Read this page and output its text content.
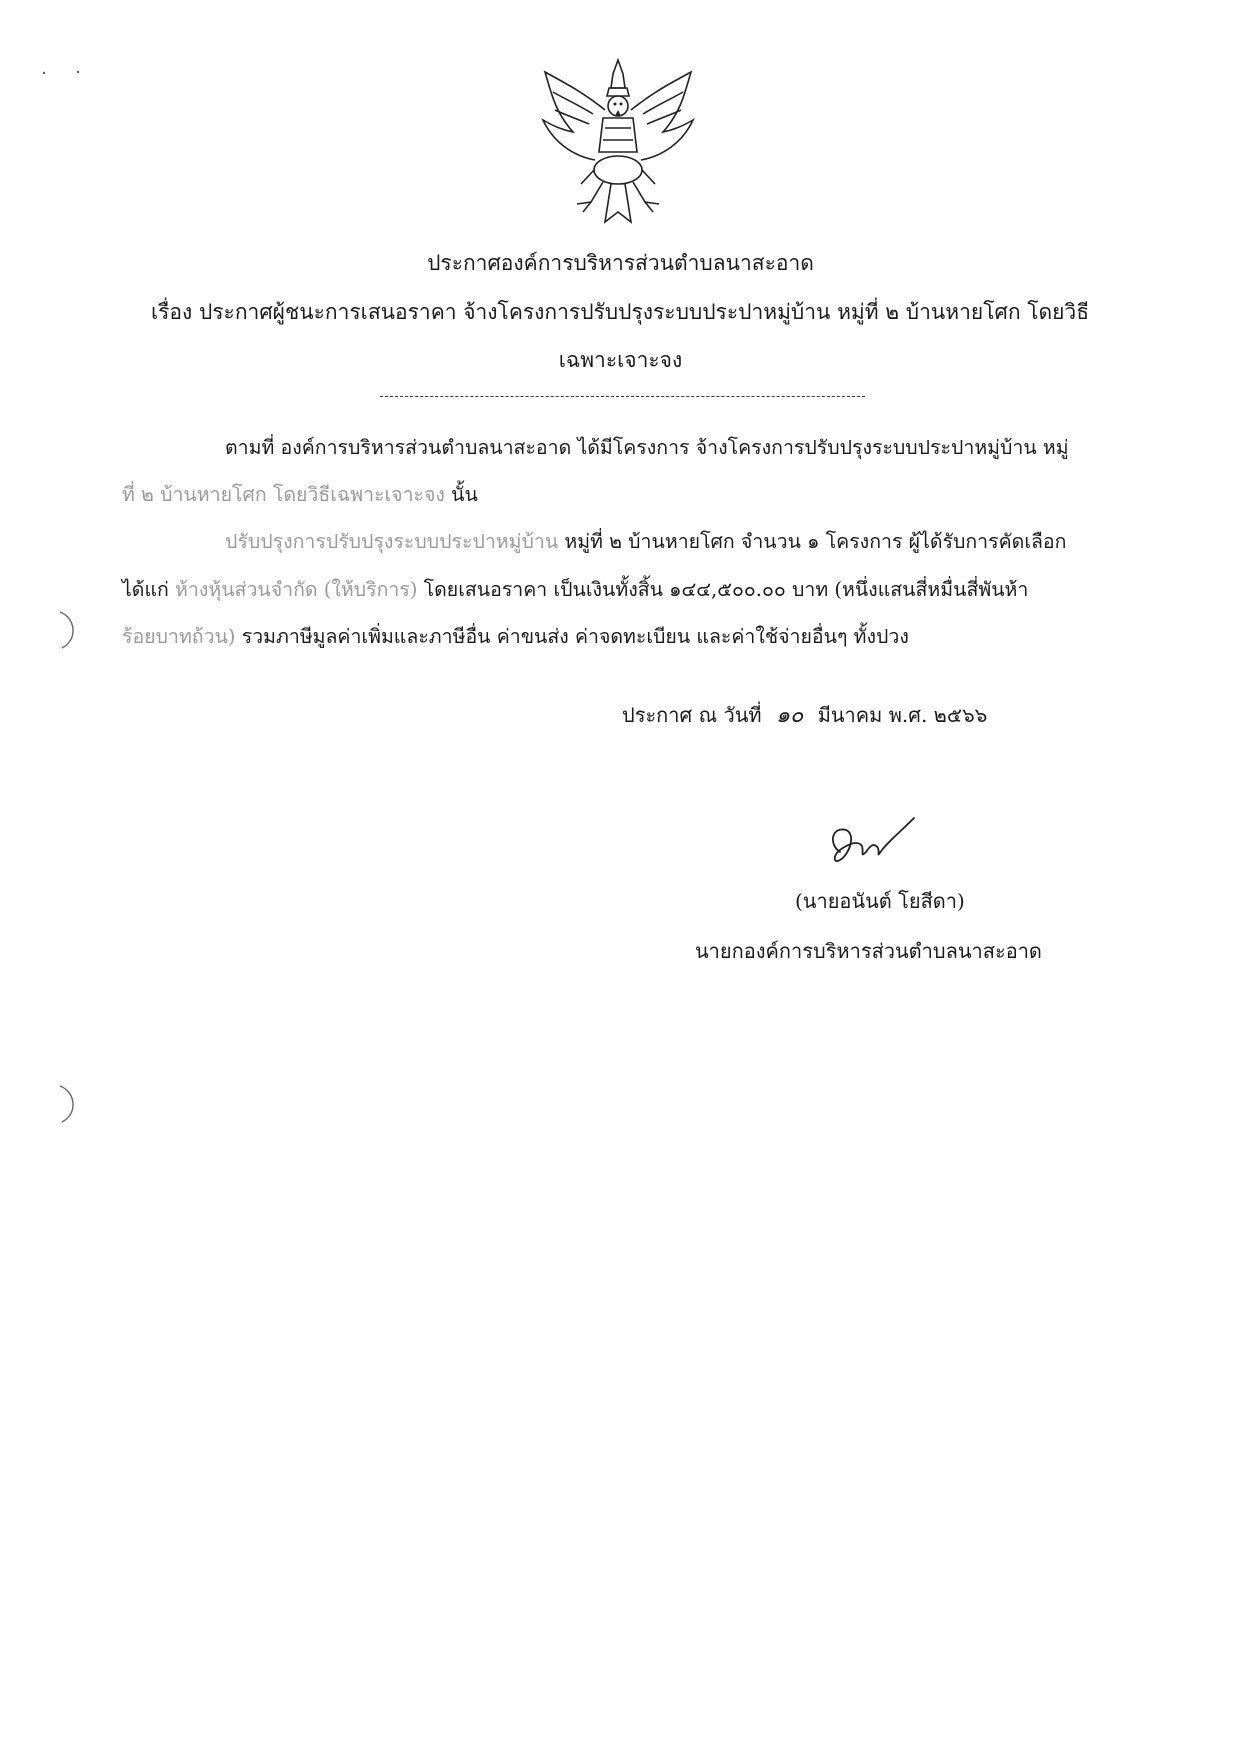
ประกาศองค์การบริหารส่วนตำบลนาสะอาด
เรื่อง ประกาศผู้ชนะการเสนอราคา จ้างโครงการปรับปรุงระบบประปาหมู่บ้าน หมู่ที่ ๒ บ้านหายโศก โดยวิธี
เฉพาะเจาะจง
ตามที่ องค์การบริหารส่วนตำบลนาสะอาด ได้มีโครงการ จ้างโครงการปรับปรุงระบบประปาหมู่บ้าน หมู่
ที่ ๒ บ้านหายโศก โดยวิธีเฉพาะเจาะจง นั้น
ปรับปรุงการปรับปรุงระบบประปาหมู่บ้าน หมู่ที่ ๒ บ้านหายโศก จำนวน ๑ โครงการ ผู้ได้รับการคัดเลือก
ได้แก่ ห้างหุ้นส่วนจำกัด (ให้บริการ) โดยเสนอราคา เป็นเงินทั้งสิ้น ๑๔๔,๕๐๐.๐๐ บาท (หนึ่งแสนสี่หมื่นสี่พันห้า
ร้อยบาทถ้วน) รวมภาษีมูลค่าเพิ่มและภาษีอื่น ค่าขนส่ง ค่าจดทะเบียน และค่าใช้จ่ายอื่นๆ ทั้งปวง
ประกาศ ณ วันที่ ๑๐ มีนาคม พ.ศ. ๒๕๖๖
(นายอนันต์ โยสีดา)
นายกองค์การบริหารส่วนตำบลนาสะอาด
